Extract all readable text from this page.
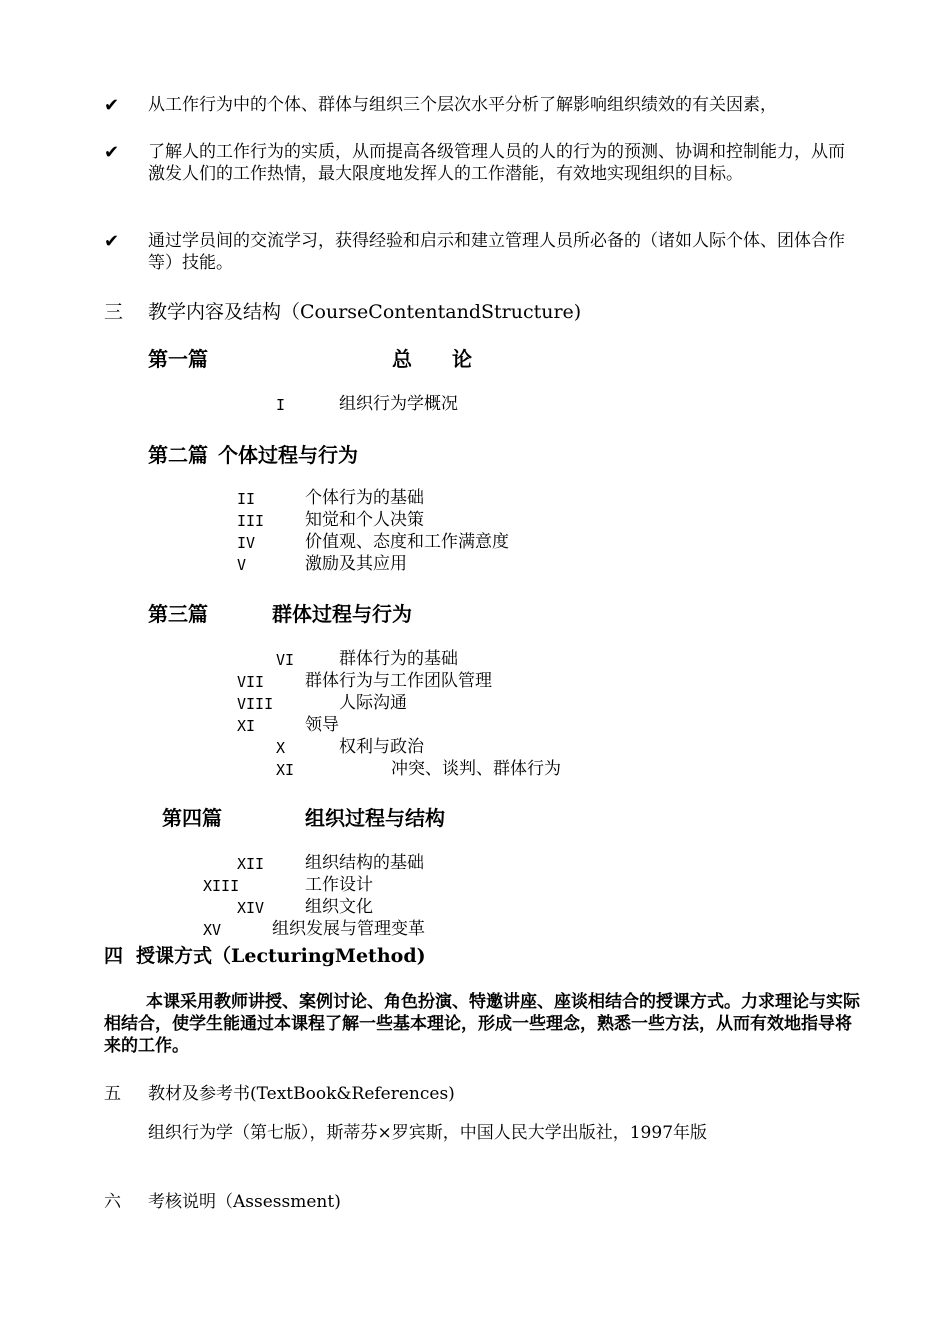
✔ 从工作行为中的个体、群体与组织三个层次水平分析了解影响组织绩效的有关因素，
✔ 了解人的工作行为的实质，从而提高各级管理人员的人的行为的预测、协调和控制能力，从而激发人们的工作热情，最大限度地发挥人的工作潜能，有效地实现组织的目标。
✔ 通过学员间的交流学习，获得经验和启示和建立管理人员所必备的（诸如人际个体、团体合作等）技能。
三 教学内容及结构（CourseContentandStructure)
第一篇	总　　论
I	组织行为学概况
第二篇 个体过程与行为
II	个体行为的基础
III 知觉和个人决策
IV	价值观、态度和工作满意度
V	激励及其应用
第三篇	群体过程与行为
VI	群体行为的基础
VII 群体行为与工作团队管理
VIII	人际沟通
XI	领导
X	权利与政治
XI	冲突、谈判、群体行为
第四篇	组织过程与结构
XII 组织结构的基础
XIII	工作设计
XIV 组织文化
XV	组织发展与管理变革
四 授课方式（LecturingMethod)
本课采用教师讲授、案例讨论、角色扮演、特邀讲座、座谈相结合的授课方式。力求理论与实际相结合，使学生能通过本课程了解一些基本理论，形成一些理念，熟悉一些方法，从而有效地指导将来的工作。
五 教材及参考书(TextBook&References)
组织行为学（第七版），斯蒂芬×罗宾斯，中国人民大学出版社，1997年版
六 考核说明（Assessment)
